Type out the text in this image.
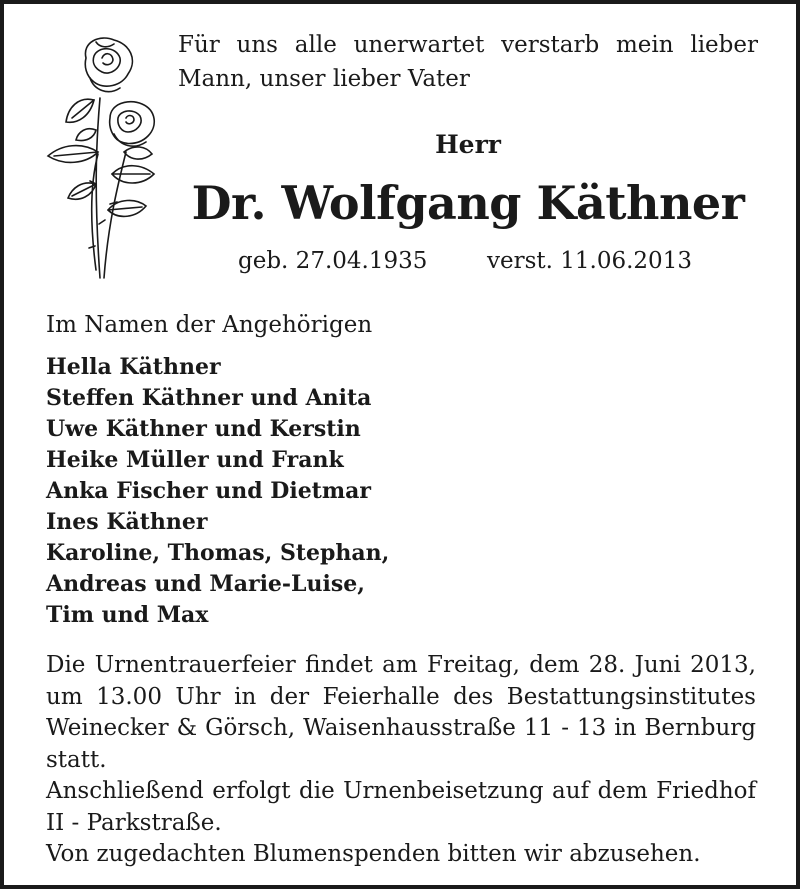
Für uns alle unerwartet verstarb mein lieber Mann, unser lieber Vater
Herr
Dr. Wolfgang Käthner
geb. 27.04.1935	verst. 11.06.2013
Im Namen der Angehörigen
Hella Käthner
Steffen Käthner und Anita
Uwe Käthner und Kerstin
Heike Müller und Frank
Anka Fischer und Dietmar
Ines Käthner
Karoline, Thomas, Stephan,
Andreas und Marie-Luise,
Tim und Max

Die Urnentrauerfeier findet am Freitag, dem 28. Juni 2013, um 13.00 Uhr in der Feierhalle des Bestattungsinstitutes Weinecker & Görsch, Waisenhausstraße 11 - 13 in Bernburg statt.

Anschließend erfolgt die Urnenbeisetzung auf dem Friedhof II - Parkstraße.

Von zugedachten Blumenspenden bitten wir abzusehen.
